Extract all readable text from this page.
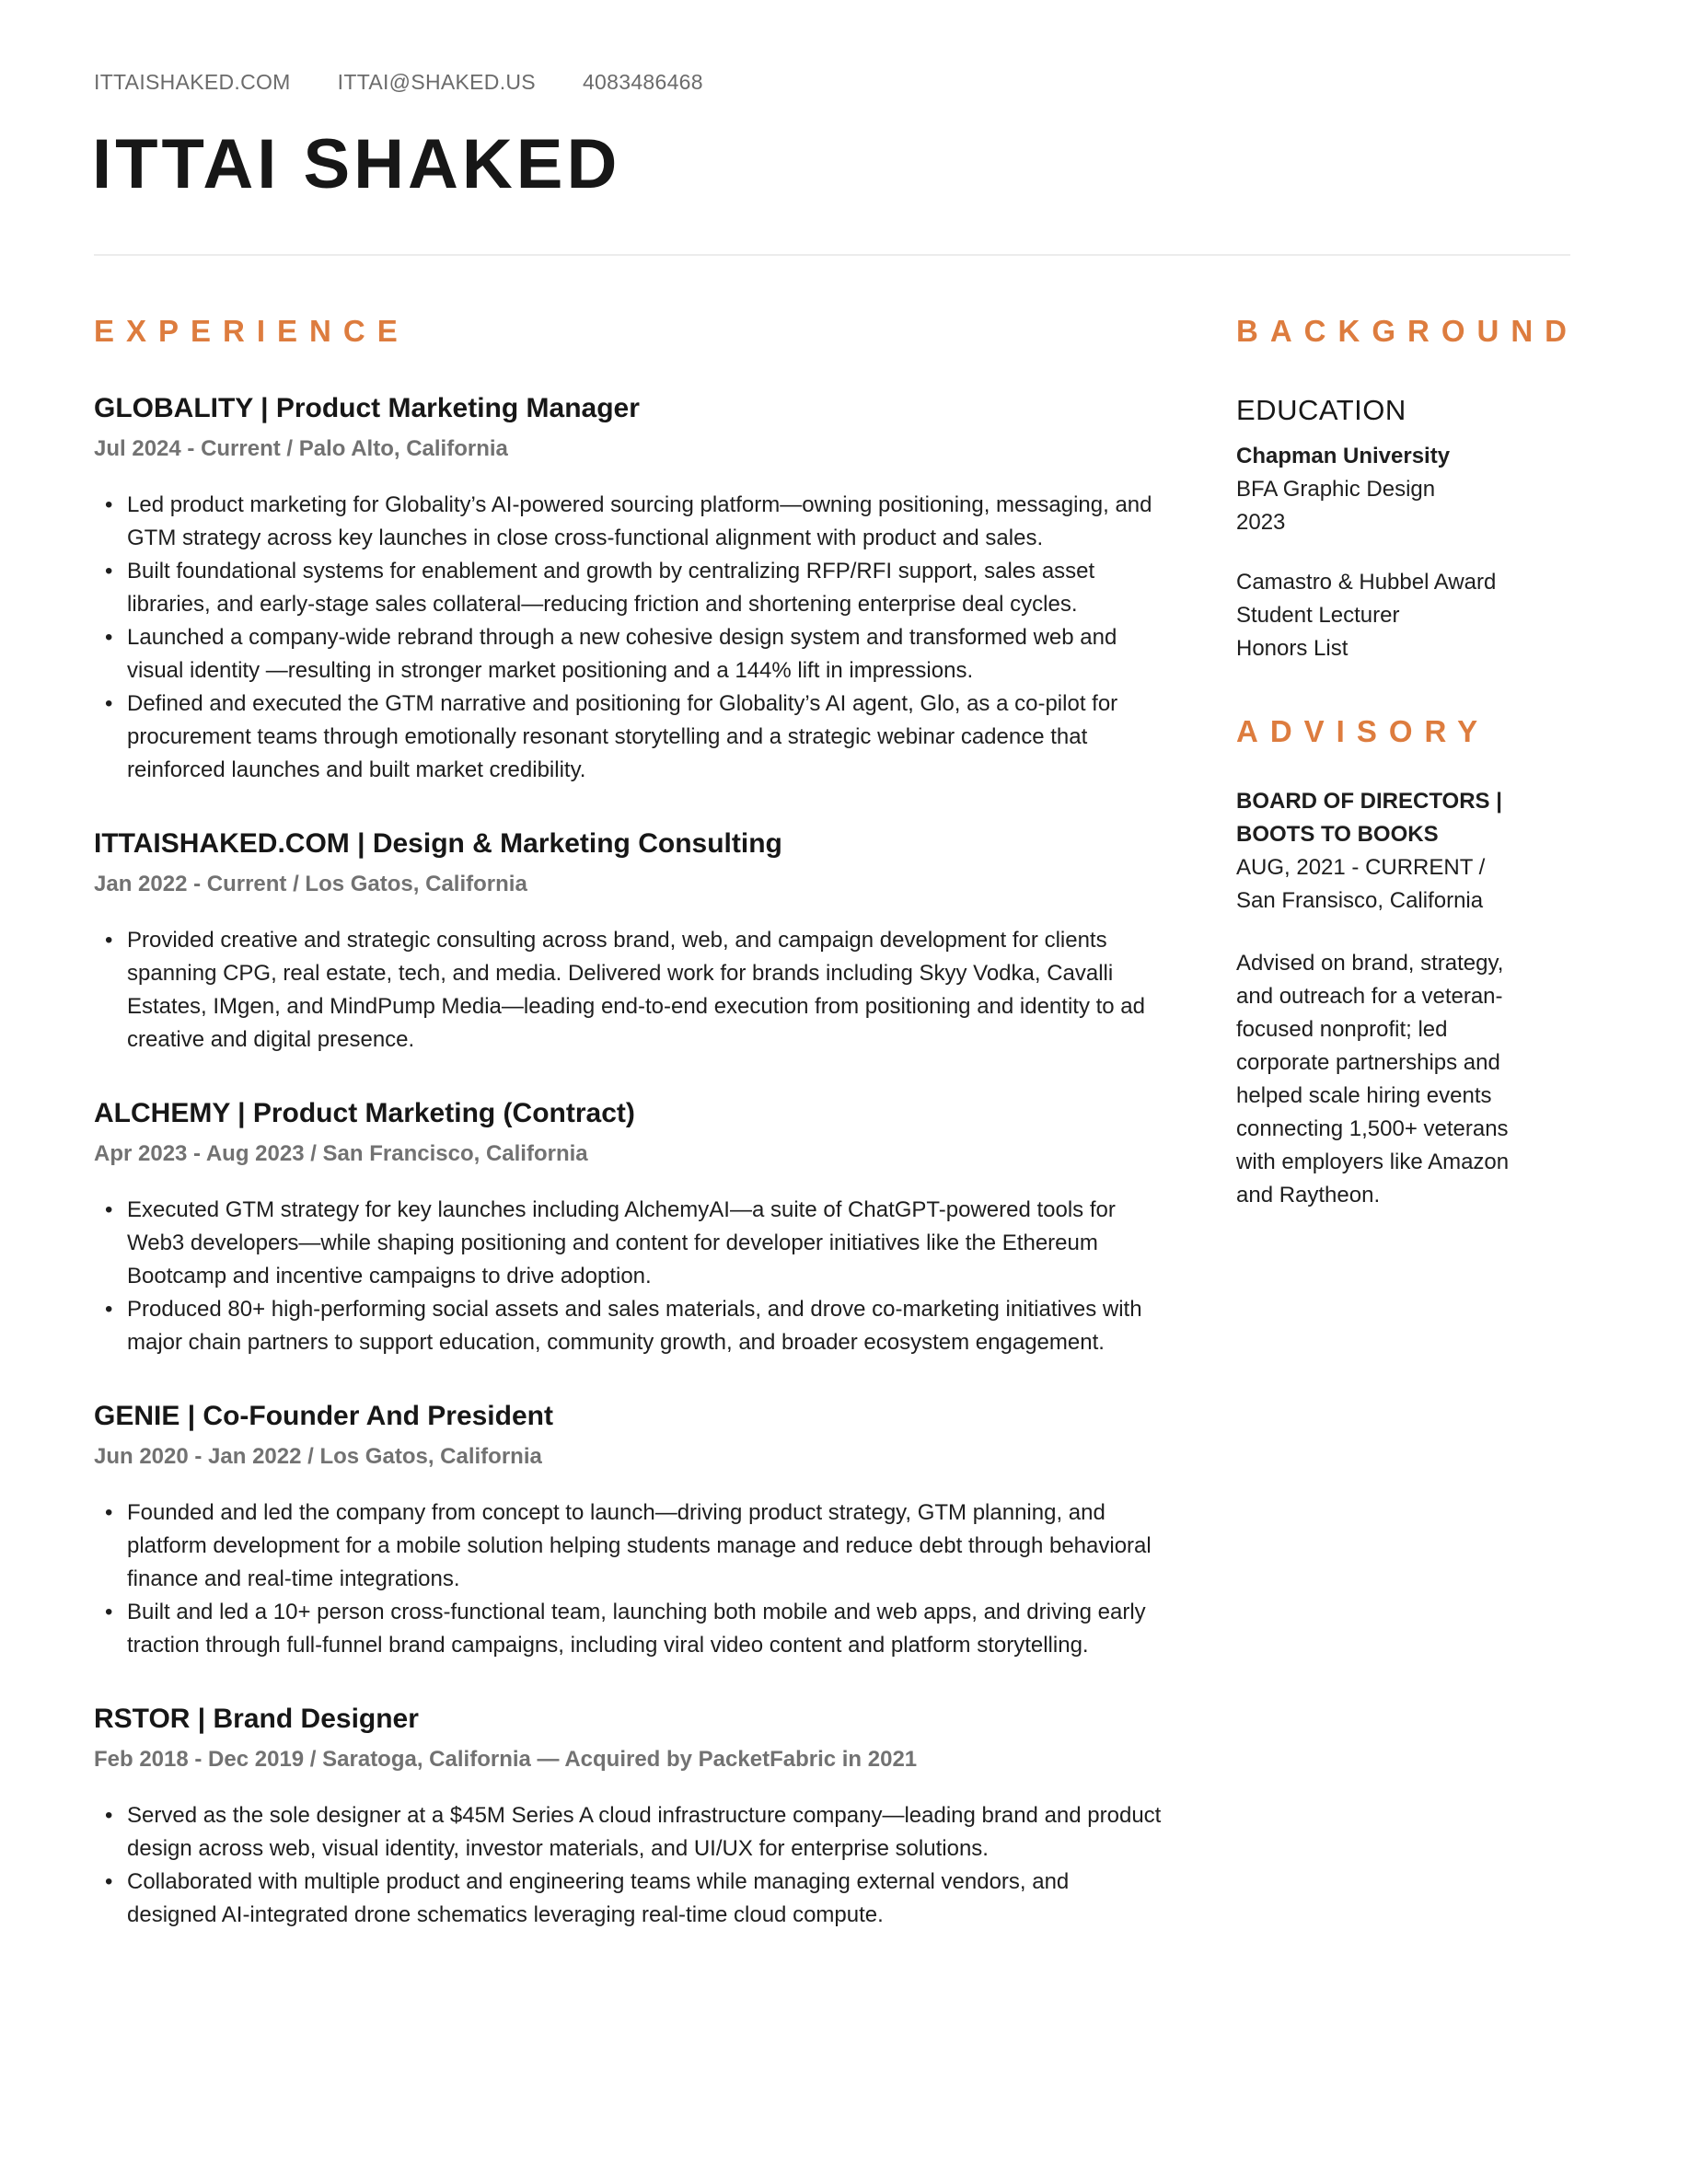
ITTAISHAKED.COM ITTAI@SHAKED.US 4083486468
ITTAI SHAKED
EXPERIENCE
GLOBALITY | Product Marketing Manager

Jul 2024 - Current / Palo Alto, California

• Led product marketing for Globality’s AI-powered sourcing platform—owning positioning, messaging, and GTM strategy across key launches in close cross-functional alignment with product and sales.
• Built foundational systems for enablement and growth by centralizing RFP/RFI support, sales asset libraries, and early-stage sales collateral—reducing friction and shortening enterprise deal cycles.
• Launched a company-wide rebrand through a new cohesive design system and transformed web and visual identity —resulting in stronger market positioning and a 144% lift in impressions.
• Defined and executed the GTM narrative and positioning for Globality’s AI agent, Glo, as a co-pilot for procurement teams through emotionally resonant storytelling and a strategic webinar cadence that reinforced launches and built market credibility.
ITTAISHAKED.COM | Design & Marketing Consulting

Jan 2022 - Current / Los Gatos, California

• Provided creative and strategic consulting across brand, web, and campaign development for clients spanning CPG, real estate, tech, and media. Delivered work for brands including Skyy Vodka, Cavalli Estates, IMgen, and MindPump Media—leading end-to-end execution from positioning and identity to ad creative and digital presence.
ALCHEMY | Product Marketing (Contract)

Apr 2023 - Aug 2023 / San Francisco, California

• Executed GTM strategy for key launches including AlchemyAI—a suite of ChatGPT-powered tools for Web3 developers—while shaping positioning and content for developer initiatives like the Ethereum Bootcamp and incentive campaigns to drive adoption.
• Produced 80+ high-performing social assets and sales materials, and drove co-marketing initiatives with major chain partners to support education, community growth, and broader ecosystem engagement.
GENIE | Co-Founder And President

Jun 2020 - Jan 2022 / Los Gatos, California

• Founded and led the company from concept to launch—driving product strategy, GTM planning, and platform development for a mobile solution helping students manage and reduce debt through behavioral finance and real-time integrations.
• Built and led a 10+ person cross-functional team, launching both mobile and web apps, and driving early traction through full-funnel brand campaigns, including viral video content and platform storytelling.
RSTOR | Brand Designer

Feb 2018 - Dec 2019 / Saratoga, California — Acquired by PacketFabric in 2021

• Served as the sole designer at a $45M Series A cloud infrastructure company—leading brand and product design across web, visual identity, investor materials, and UI/UX for enterprise solutions.
• Collaborated with multiple product and engineering teams while managing external vendors, and designed AI-integrated drone schematics leveraging real-time cloud compute.
BACKGROUND
EDUCATION

Chapman University

BFA Graphic Design

2023

Camastro & Hubbel Award

Student Lecturer

Honors List

ADVISORY

BOARD OF DIRECTORS |

BOOTS TO BOOKS

AUG, 2021 - CURRENT /

San Fransisco, California

Advised on brand, strategy, and outreach for a veteran-focused nonprofit; led corporate partnerships and helped scale hiring events connecting 1,500+ veterans with employers like Amazon and Raytheon.
